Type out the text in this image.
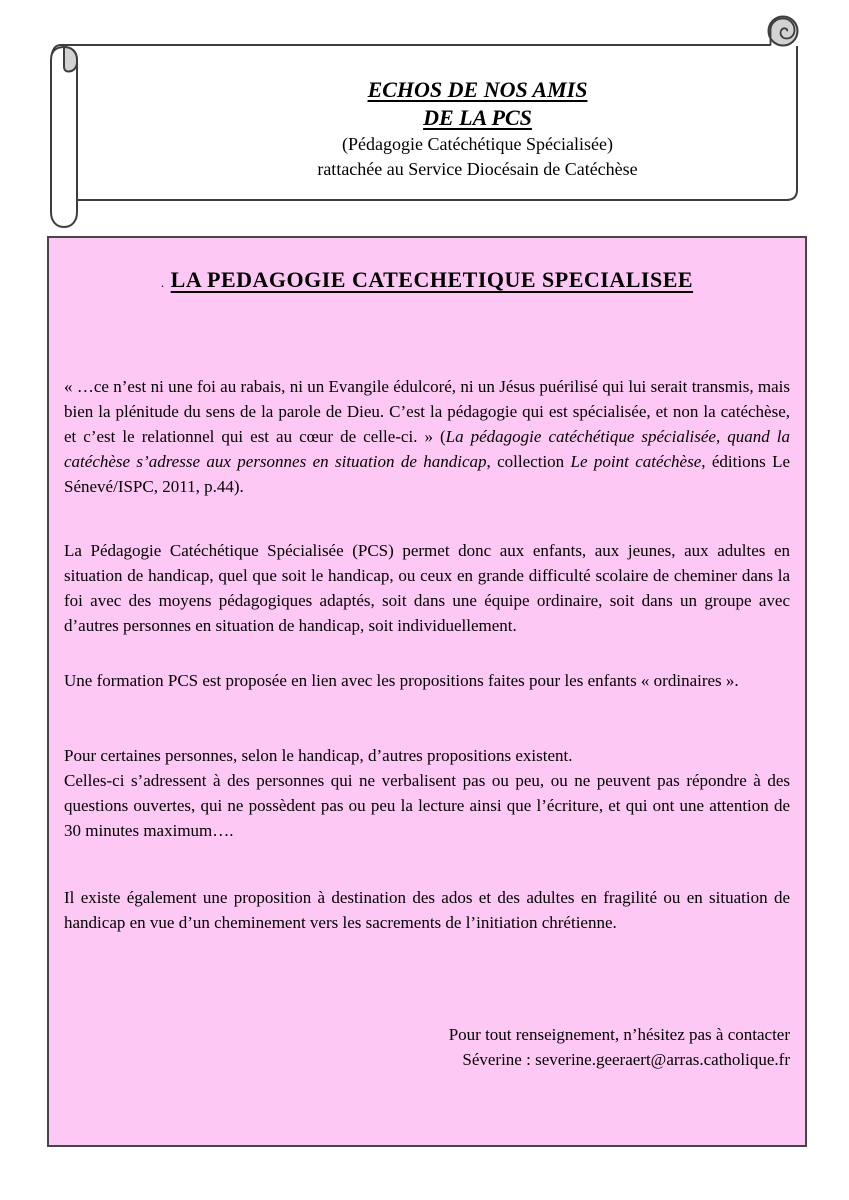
ECHOS DE NOS AMIS
DE LA PCS
(Pédagogie Catéchétique Spécialisée)
rattachée au Service Diocésain de Catéchèse
. LA PEDAGOGIE CATECHETIQUE SPECIALISEE

« …ce n’est ni une foi au rabais, ni un Evangile édulcoré, ni un Jésus puérilisé qui lui serait transmis, mais bien la plénitude du sens de la parole de Dieu. C’est la pédagogie qui est spécialisée, et non la catéchèse, et c’est le relationnel qui est au cœur de celle-ci. » (La pédagogie catéchétique spécialisée, quand la catéchèse s’adresse aux personnes en situation de handicap, collection Le point catéchèse, éditions Le Sénevé/ISPC, 2011, p.44).

La Pédagogie Catéchétique Spécialisée (PCS) permet donc aux enfants, aux jeunes, aux adultes en situation de handicap, quel que soit le handicap, ou ceux en grande difficulté scolaire de cheminer dans la foi avec des moyens pédagogiques adaptés, soit dans une équipe ordinaire, soit dans un groupe avec d’autres personnes en situation de handicap, soit individuellement.

Une formation PCS est proposée en lien avec les propositions faites pour les enfants « ordinaires ».

Pour certaines personnes, selon le handicap, d’autres propositions existent.
Celles-ci s’adressent à des personnes qui ne verbalisent pas ou peu, ou ne peuvent pas répondre à des questions ouvertes, qui ne possèdent pas ou peu la lecture ainsi que l’écriture, et qui ont une attention de 30 minutes maximum….

Il existe également une proposition à destination des ados et des adultes en fragilité ou en situation de handicap en vue d’un cheminement vers les sacrements de l’initiation chrétienne.

Pour tout renseignement, n’hésitez pas à contacter
Séverine : severine.geeraert@arras.catholique.fr
